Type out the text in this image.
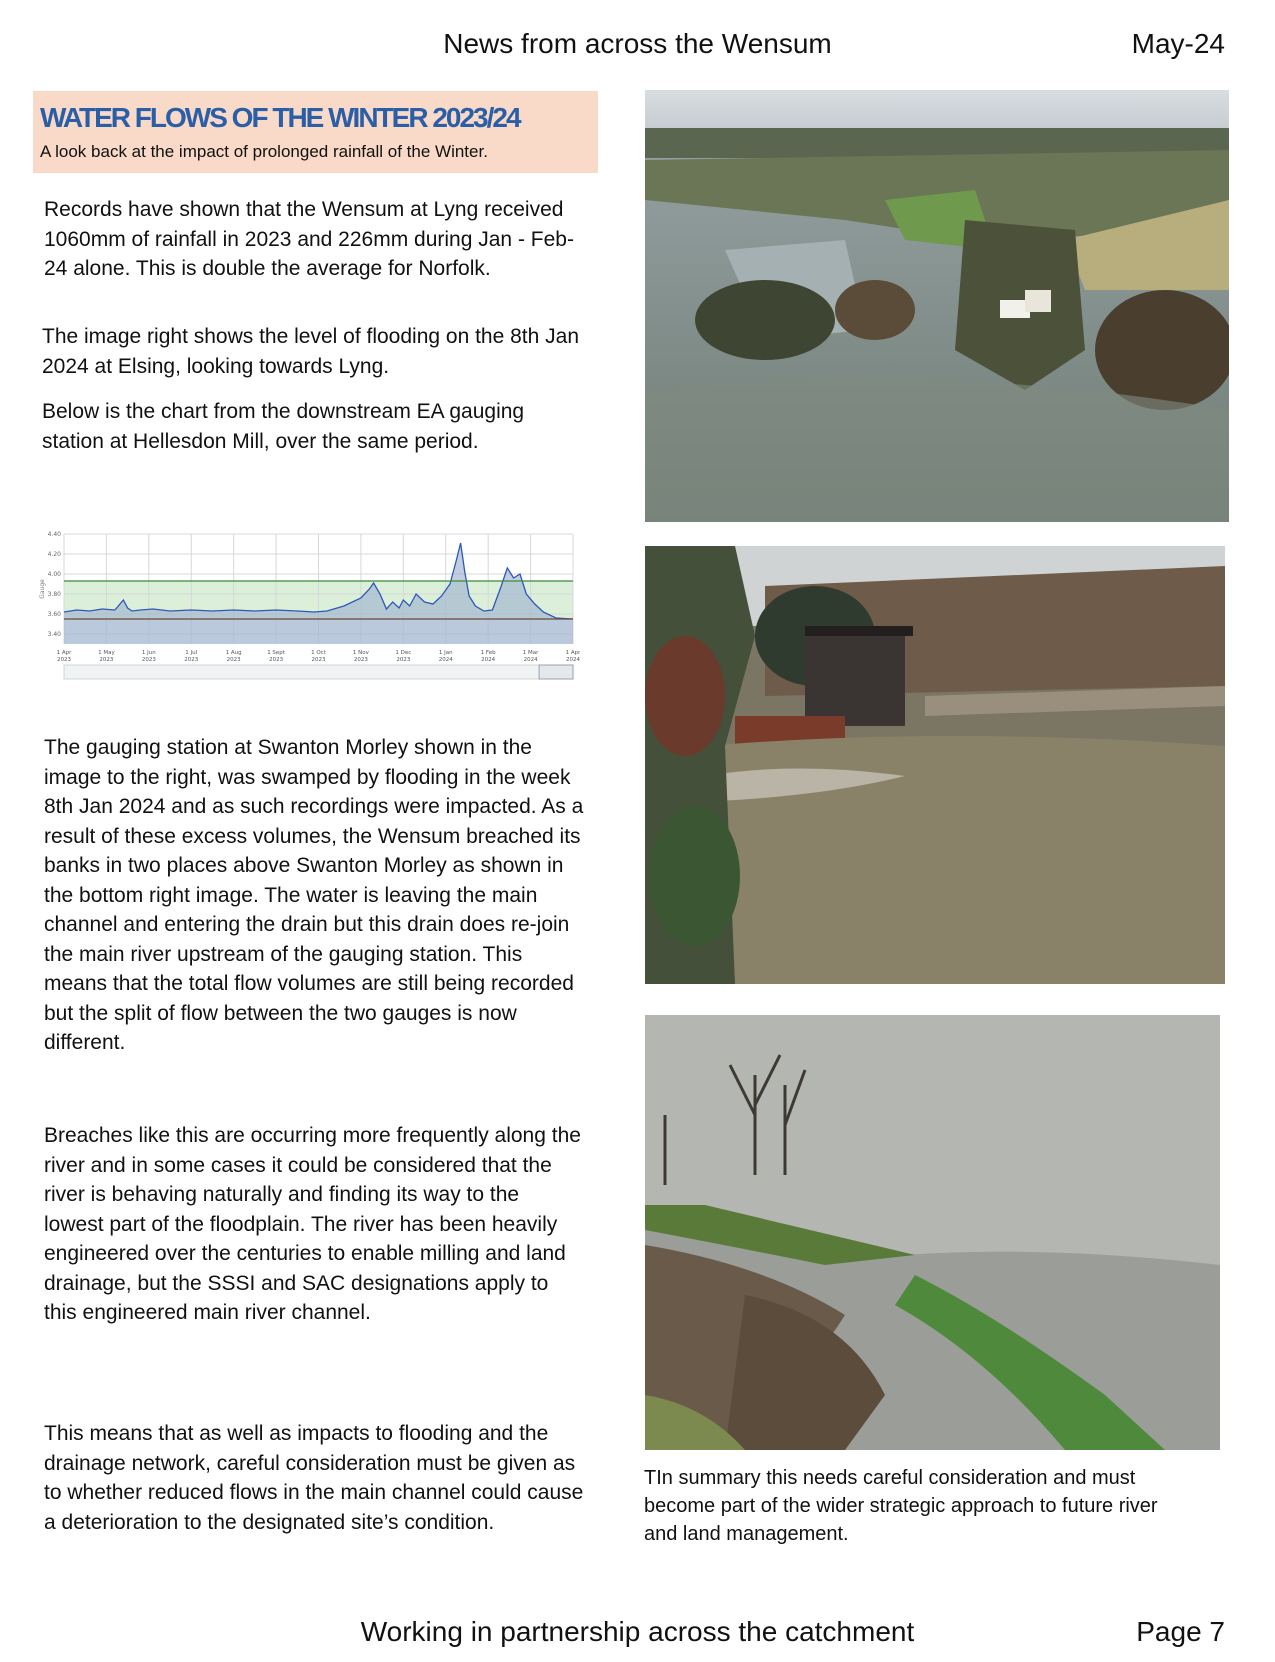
News from across the Wensum	May-24
WATER FLOWS OF THE WINTER 2023/24
A look back at the impact of prolonged rainfall of the Winter.

Records have shown that the Wensum at Lyng received 1060mm of rainfall in 2023 and 226mm during Jan - Feb-24 alone. This is double the average for Norfolk.

The image right shows the level of flooding on the 8th Jan 2024 at Elsing, looking towards Lyng.

Below is the chart from the downstream EA gauging station at Hellesdon Mill, over the same period.

4.40
4.20
4.00
3.80
3.60
3.40
Gauge
1 Apr
2023
1 May
2023
1 Jun
2023
1 Jul
2023
1 Aug
2023
1 Sept
2023
1 Oct
2023
1 Nov
2023
1 Dec
2023
1 Jan
2024
1 Feb
2024
1 Mar
2024
1 Apr
2024

The gauging station at Swanton Morley shown in the image to the right, was swamped by flooding in the week 8th Jan 2024 and as such recordings were impacted. As a result of these excess volumes, the Wensum breached its banks in two places above Swanton Morley as shown in the bottom right image. The water is leaving the main channel and entering the drain but this drain does re-join the main river upstream of the gauging station. This means that the total flow volumes are still being recorded but the split of flow between the two gauges is now different.

Breaches like this are occurring more frequently along the river and in some cases it could be considered that the river is behaving naturally and finding its way to the lowest part of the floodplain. The river has been heavily engineered over the centuries to enable milling and land drainage, but the SSSI and SAC designations apply to this engineered main river channel.

This means that as well as impacts to flooding and the drainage network, careful consideration must be given as to whether reduced flows in the main channel could cause a deterioration to the designated site’s condition.

TIn summary this needs careful consideration and must become part of the wider strategic approach to future river and land management.
Working in partnership across the catchment	Page 7
